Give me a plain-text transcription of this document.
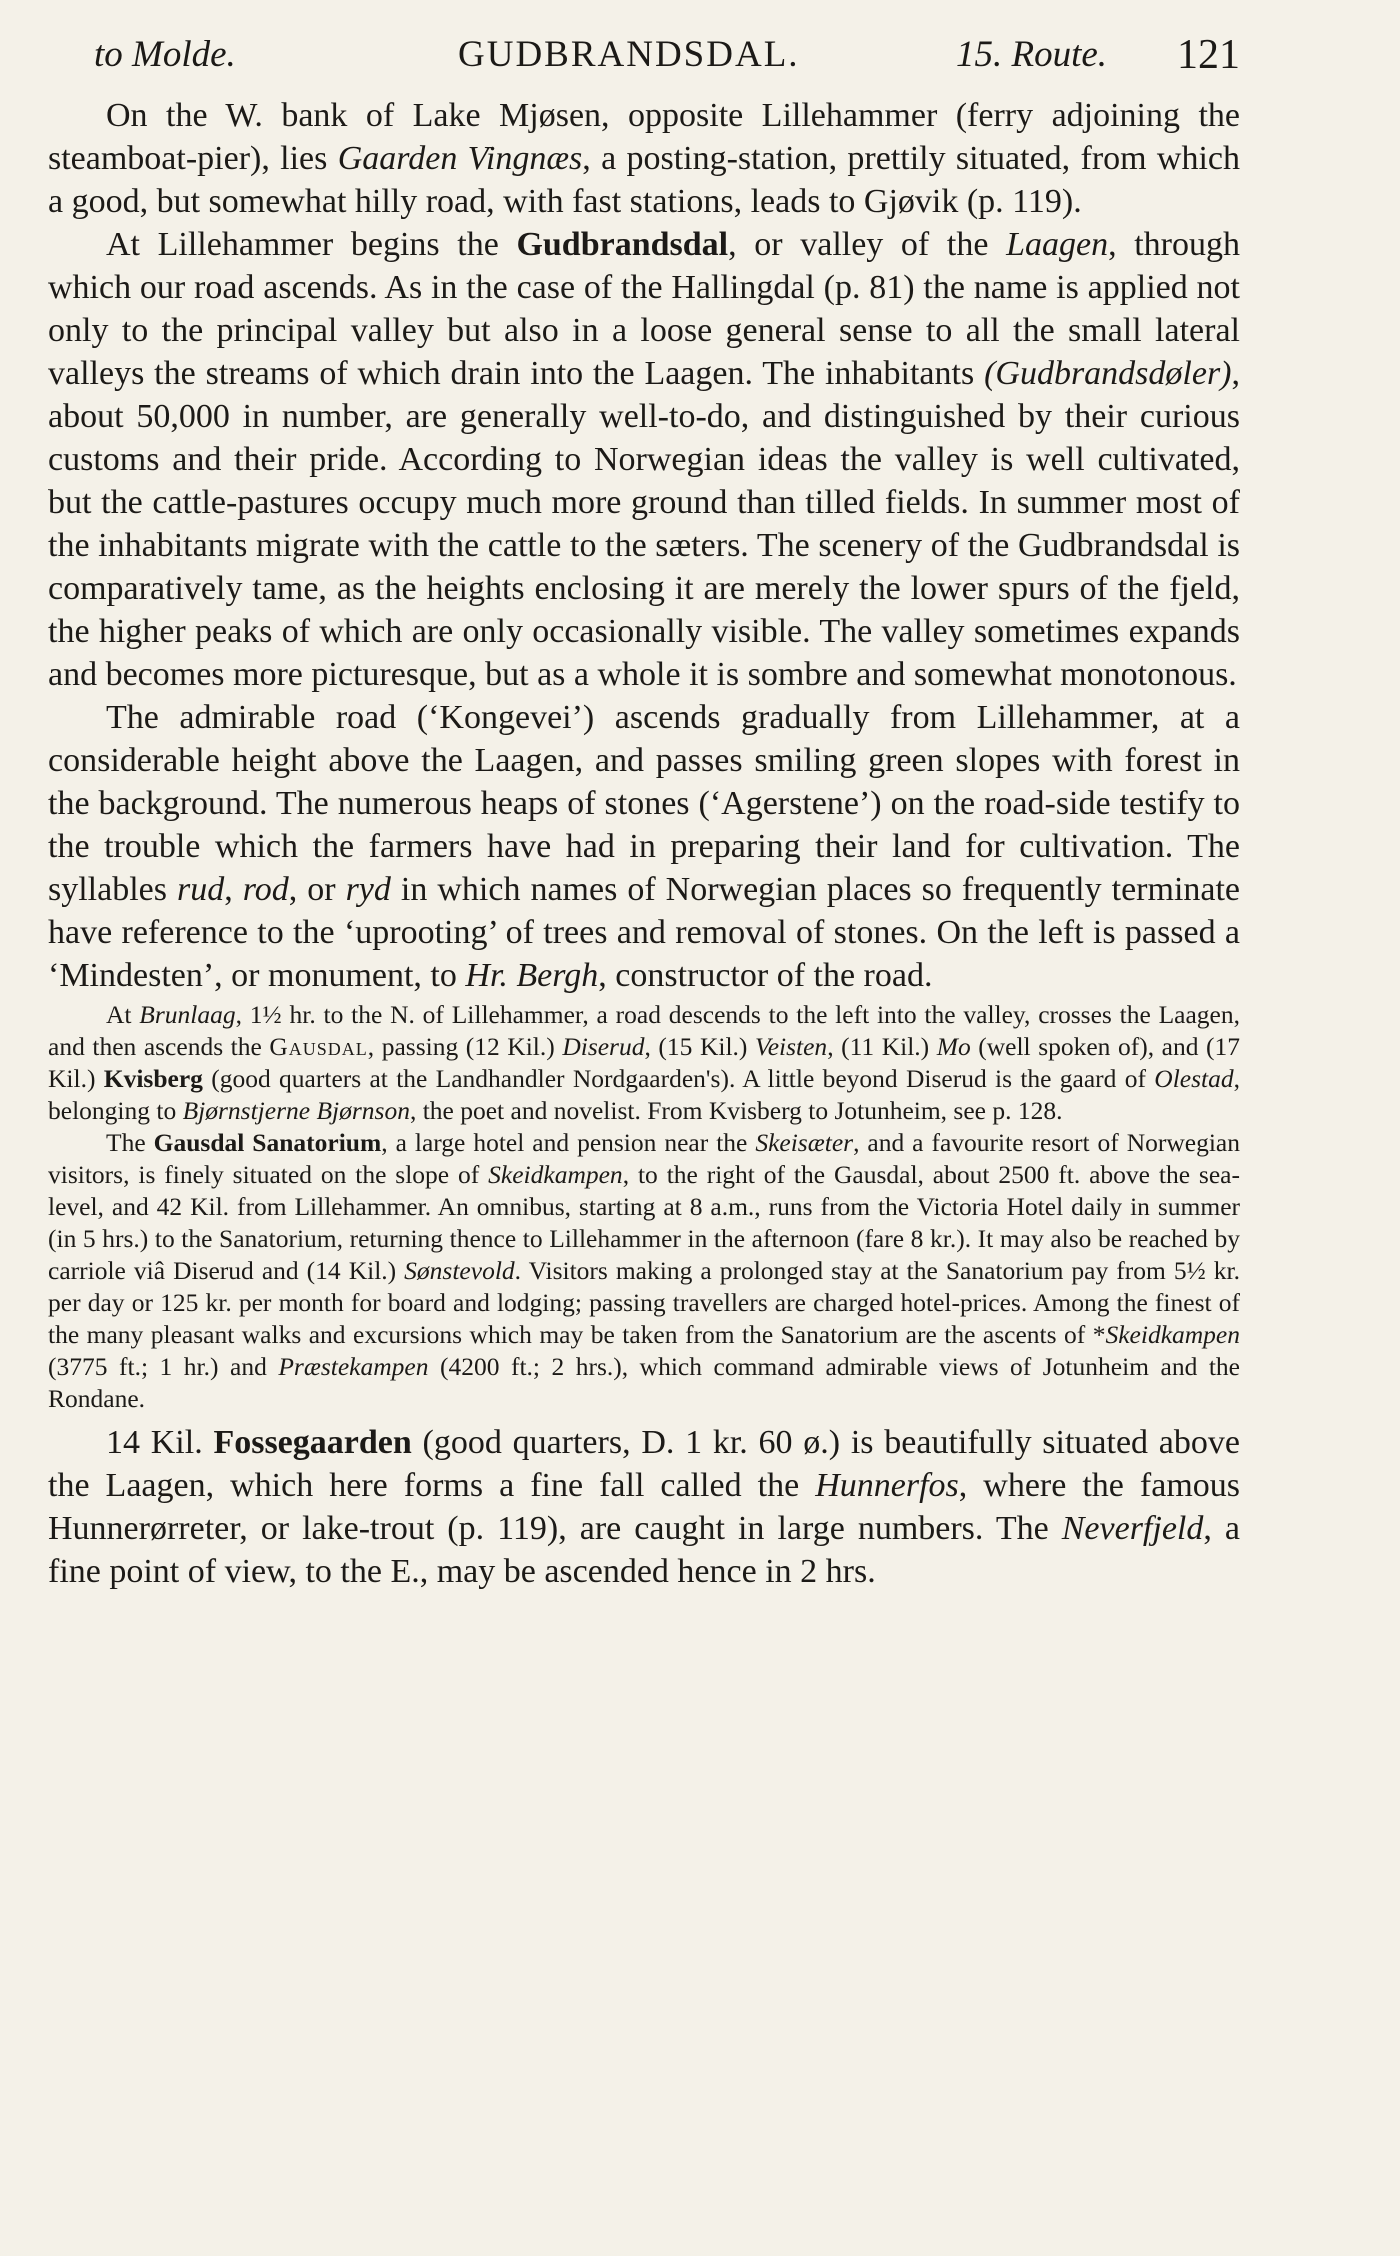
to Molde.	GUDBRANDSDAL.	15. Route. 121

On the W. bank of Lake Mjøsen, opposite Lillehammer (ferry adjoining the steamboat-pier), lies Gaarden Vingnæs, a posting-station, prettily situated, from which a good, but somewhat hilly road, with fast stations, leads to Gjøvik (p. 119).

At Lillehammer begins the Gudbrandsdal, or valley of the Laagen, through which our road ascends. As in the case of the Hallingdal (p. 81) the name is applied not only to the principal valley but also in a loose general sense to all the small lateral valleys the streams of which drain into the Laagen. The inhabitants (Gudbrandsdøler), about 50,000 in number, are generally well-to-do, and distinguished by their curious customs and their pride. According to Norwegian ideas the valley is well cultivated, but the cattle-pastures occupy much more ground than tilled fields. In summer most of the inhabitants migrate with the cattle to the sæters. The scenery of the Gudbrandsdal is comparatively tame, as the heights enclosing it are merely the lower spurs of the fjeld, the higher peaks of which are only occasionally visible. The valley sometimes expands and becomes more picturesque, but as a whole it is sombre and somewhat monotonous.

The admirable road (‘Kongevei’) ascends gradually from Lillehammer, at a considerable height above the Laagen, and passes smiling green slopes with forest in the background. The numerous heaps of stones (‘Agerstene’) on the road-side testify to the trouble which the farmers have had in preparing their land for cultivation. The syllables rud, rod, or ryd in which names of Norwegian places so frequently terminate have reference to the ‘uprooting’ of trees and removal of stones. On the left is passed a ‘Mindesten’, or monument, to Hr. Bergh, constructor of the road.

At Brunlaag, 1½ hr. to the N. of Lillehammer, a road descends to the left into the valley, crosses the Laagen, and then ascends the Gausdal, passing (12 Kil.) Diserud, (15 Kil.) Veisten, (11 Kil.) Mo (well spoken of), and (17 Kil.) Kvisberg (good quarters at the Landhandler Nordgaarden's). A little beyond Diserud is the gaard of Olestad, belonging to Bjørnstjerne Bjørnson, the poet and novelist. From Kvisberg to Jotunheim, see p. 128.

The Gausdal Sanatorium, a large hotel and pension near the Skeisæter, and a favourite resort of Norwegian visitors, is finely situated on the slope of Skeidkampen, to the right of the Gausdal, about 2500 ft. above the sea-level, and 42 Kil. from Lillehammer. An omnibus, starting at 8 a.m., runs from the Victoria Hotel daily in summer (in 5 hrs.) to the Sanatorium, returning thence to Lillehammer in the afternoon (fare 8 kr.). It may also be reached by carriole viâ Diserud and (14 Kil.) Sønstevold. Visitors making a prolonged stay at the Sanatorium pay from 5½ kr. per day or 125 kr. per month for board and lodging; passing travellers are charged hotel-prices. Among the finest of the many pleasant walks and excursions which may be taken from the Sanatorium are the ascents of *Skeidkampen (3775 ft.; 1 hr.) and Præstekampen (4200 ft.; 2 hrs.), which command admirable views of Jotunheim and the Rondane.

14 Kil. Fossegaarden (good quarters, D. 1 kr. 60 ø.) is beautifully situated above the Laagen, which here forms a fine fall called the Hunnerfos, where the famous Hunnerørreter, or lake-trout (p. 119), are caught in large numbers. The Neverfjeld, a fine point of view, to the E., may be ascended hence in 2 hrs.
